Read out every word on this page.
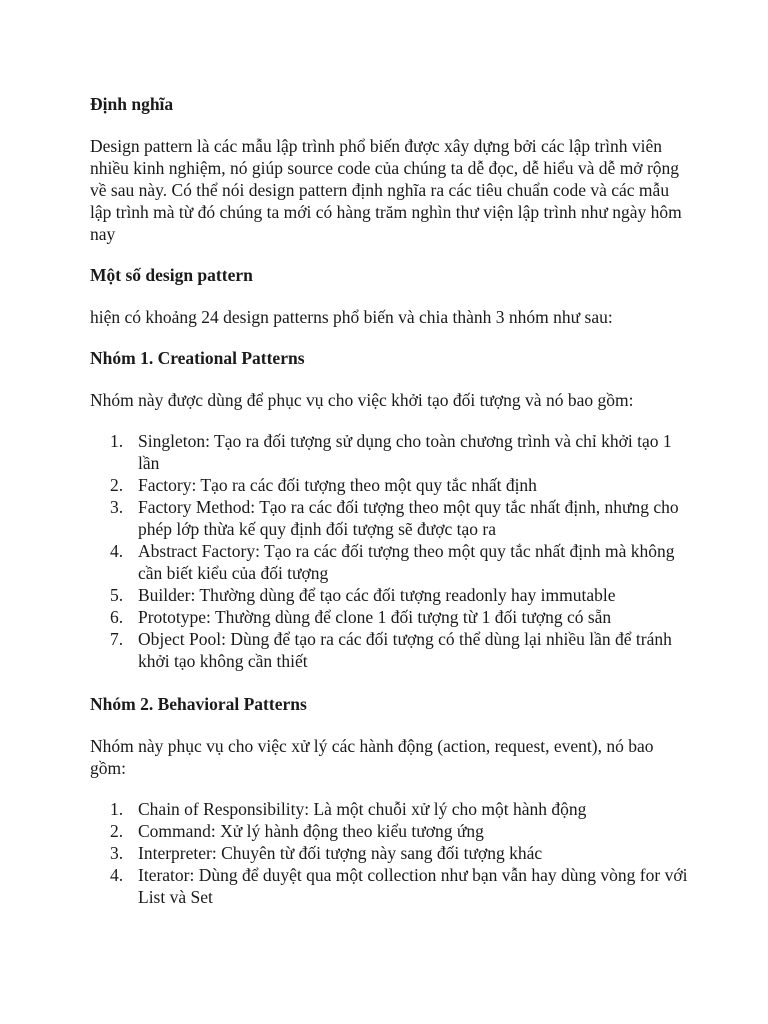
Định nghĩa

Design pattern là các mẫu lập trình phổ biến được xây dựng bởi các lập trình viên nhiều kinh nghiệm, nó giúp source code của chúng ta dễ đọc, dễ hiểu và dễ mở rộng về sau này. Có thể nói design pattern định nghĩa ra các tiêu chuẩn code và các mẫu lập trình mà từ đó chúng ta mới có hàng trăm nghìn thư viện lập trình như ngày hôm nay

Một số design pattern

hiện có khoảng 24 design patterns phổ biến và chia thành 3 nhóm như sau:

Nhóm 1. Creational Patterns

Nhóm này được dùng để phục vụ cho việc khởi tạo đối tượng và nó bao gồm:

1. Singleton: Tạo ra đối tượng sử dụng cho toàn chương trình và chỉ khởi tạo 1 lần
2. Factory: Tạo ra các đối tượng theo một quy tắc nhất định
3. Factory Method: Tạo ra các đối tượng theo một quy tắc nhất định, nhưng cho phép lớp thừa kế quy định đối tượng sẽ được tạo ra
4. Abstract Factory: Tạo ra các đối tượng theo một quy tắc nhất định mà không cần biết kiểu của đối tượng
5. Builder: Thường dùng để tạo các đối tượng readonly hay immutable
6. Prototype: Thường dùng để clone 1 đối tượng từ 1 đối tượng có sẵn
7. Object Pool: Dùng để tạo ra các đối tượng có thể dùng lại nhiều lần để tránh khởi tạo không cần thiết

Nhóm 2. Behavioral Patterns

Nhóm này phục vụ cho việc xử lý các hành động (action, request, event), nó bao gồm:

1. Chain of Responsibility: Là một chuỗi xử lý cho một hành động
2. Command: Xử lý hành động theo kiểu tương ứng
3. Interpreter: Chuyên từ đối tượng này sang đối tượng khác
4. Iterator: Dùng để duyệt qua một collection như bạn vẫn hay dùng vòng for với List và Set
